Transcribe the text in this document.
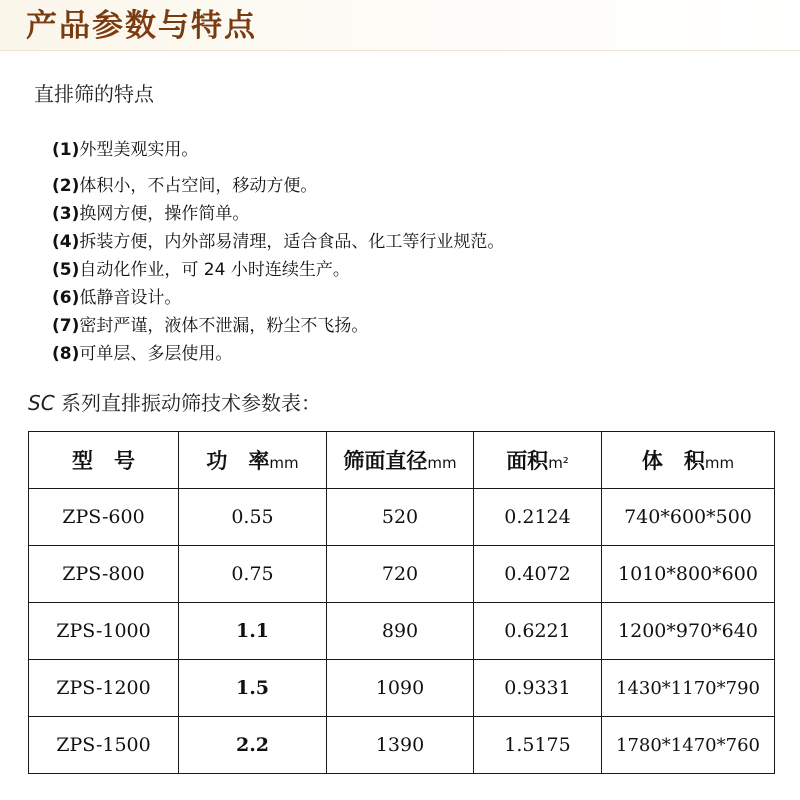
产品参数与特点
直排筛的特点
(1)外型美观实用。
(2)体积小，不占空间，移动方便。
(3)换网方便，操作简单。
(4)拆装方便，内外部易清理，适合食品、化工等行业规范。
(5)自动化作业，可 24 小时连续生产。
(6)低静音设计。
(7)密封严谨，液体不泄漏，粉尘不飞扬。
(8)可单层、多层使用。
SC 系列直排振动筛技术参数表：
型　号	功　率mm	筛面直径mm	面积m²	体　积mm
ZPS-600	0.55	520	0.2124	740*600*500
ZPS-800	0.75	720	0.4072	1010*800*600
ZPS-1000	1.1	890	0.6221	1200*970*640
ZPS-1200	1.5	1090	0.9331	1430*1170*790
ZPS-1500	2.2	1390	1.5175	1780*1470*760
